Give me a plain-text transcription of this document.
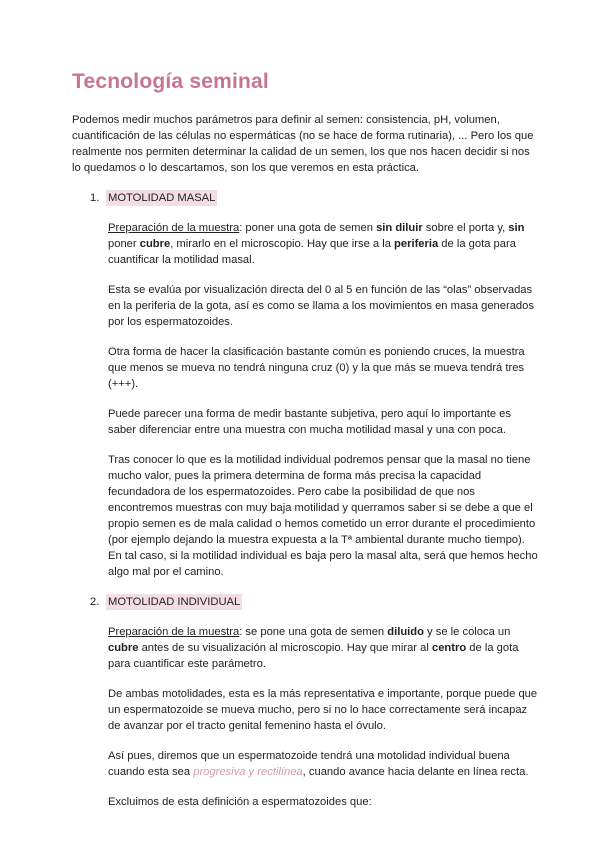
Tecnología seminal

Podemos medir muchos parámetros para definir al semen: consistencia, pH, volumen, cuantificación de las células no espermáticas (no se hace de forma rutinaria), ... Pero los que realmente nos permiten determinar la calidad de un semen, los que nos hacen decidir si nos lo quedamos o lo descartamos, son los que veremos en esta práctica.

1. MOTOLIDAD MASAL

Preparación de la muestra: poner una gota de semen sin diluir sobre el porta y, sin poner cubre, mirarlo en el microscopio. Hay que irse a la periferia de la gota para cuantificar la motilidad masal.

Esta se evalúa por visualización directa del 0 al 5 en función de las “olas” observadas en la periferia de la gota, así es como se llama a los movimientos en masa generados por los espermatozoides.

Otra forma de hacer la clasificación bastante común es poniendo cruces, la muestra que menos se mueva no tendrá ninguna cruz (0) y la que más se mueva tendrá tres (+++).

Puede parecer una forma de medir bastante subjetiva, pero aquí lo importante es saber diferenciar entre una muestra con mucha motilidad masal y una con poca.

Tras conocer lo que es la motilidad individual podremos pensar que la masal no tiene mucho valor, pues la primera determina de forma más precisa la capacidad fecundadora de los espermatozoides. Pero cabe la posibilidad de que nos encontremos muestras con muy baja motilidad y querramos saber si se debe a que el propio semen es de mala calidad o hemos cometido un error durante el procedimiento (por ejemplo dejando la muestra expuesta a la Tª ambiental durante mucho tiempo). En tal caso, si la motilidad individual es baja pero la masal alta, será que hemos hecho algo mal por el camino.

2. MOTOLIDAD INDIVIDUAL

Preparación de la muestra: se pone una gota de semen diluido y se le coloca un cubre antes de su visualización al microscopio. Hay que mirar al centro de la gota para cuantificar este parámetro.

De ambas motolidades, esta es la más representativa e importante, porque puede que un espermatozoide se mueva mucho, pero si no lo hace correctamente será incapaz de avanzar por el tracto genital femenino hasta el óvulo.

Así pues, diremos que un espermatozoide tendrá una motolidad individual buena cuando esta sea progresiva y rectilínea, cuando avance hacia delante en línea recta.

Excluimos de esta definición a espermatozoides que:
